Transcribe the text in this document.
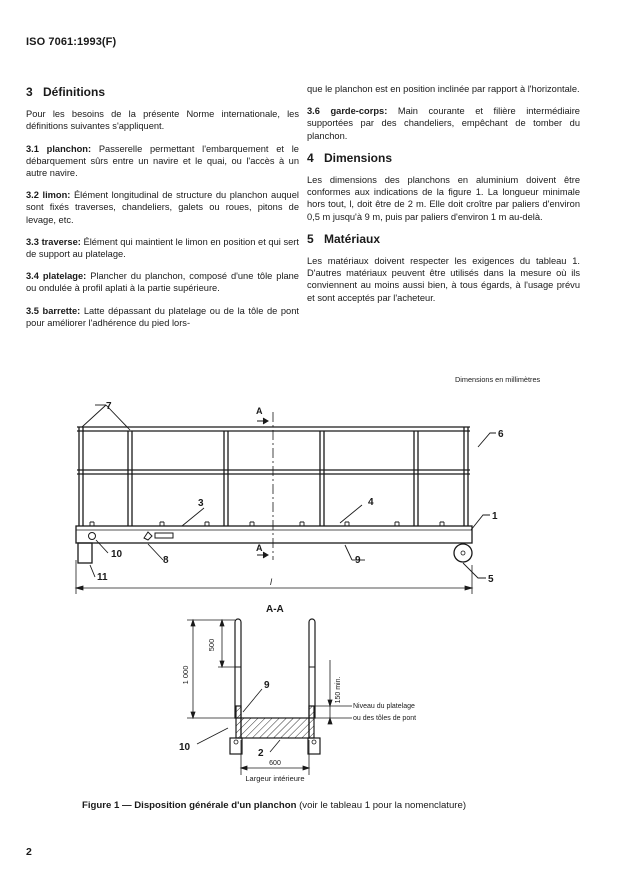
ISO 7061:1993(F)
3 Définitions

Pour les besoins de la présente Norme internationale, les définitions suivantes s'appliquent.

3.1 planchon: Passerelle permettant l'embarquement et le débarquement sûrs entre un navire et le quai, ou l'accès à un autre navire.

3.2 limon: Élément longitudinal de structure du planchon auquel sont fixés traverses, chandeliers, galets ou roues, pitons de levage, etc.

3.3 traverse: Élément qui maintient le limon en position et qui sert de support au platelage.

3.4 platelage: Plancher du planchon, composé d'une tôle plane ou ondulée à profil aplati à la partie supérieure.

3.5 barrette: Latte dépassant du platelage ou de la tôle de pont pour améliorer l'adhérence du pied lors-

que le planchon est en position inclinée par rapport à l'horizontale.

3.6 garde-corps: Main courante et filière intermédiaire supportées par des chandeliers, empêchant de tomber du planchon.

4 Dimensions

Les dimensions des planchons en aluminium doivent être conformes aux indications de la figure 1. La longueur minimale hors tout, l, doit être de 2 m. Elle doit croître par paliers d'environ 0,5 m jusqu'à 9 m, puis par paliers d'environ 1 m au-delà.

5 Matériaux

Les matériaux doivent respecter les exigences du tableau 1. D'autres matériaux peuvent être utilisés dans la mesure où ils conviennent au moins aussi bien, à tous égards, à l'usage prévu et sont acceptés par l'acheteur.

Dimensions en millimètres
7
6
1
5
3	4
9
10
11
8
A
A
l
A-A
1 000
500
150 min.
Niveau du platelage
ou des tôles de pont
600
Largeur intérieure
9
2
10
Figure 1 — Disposition générale d'un planchon (voir le tableau 1 pour la nomenclature)
2
